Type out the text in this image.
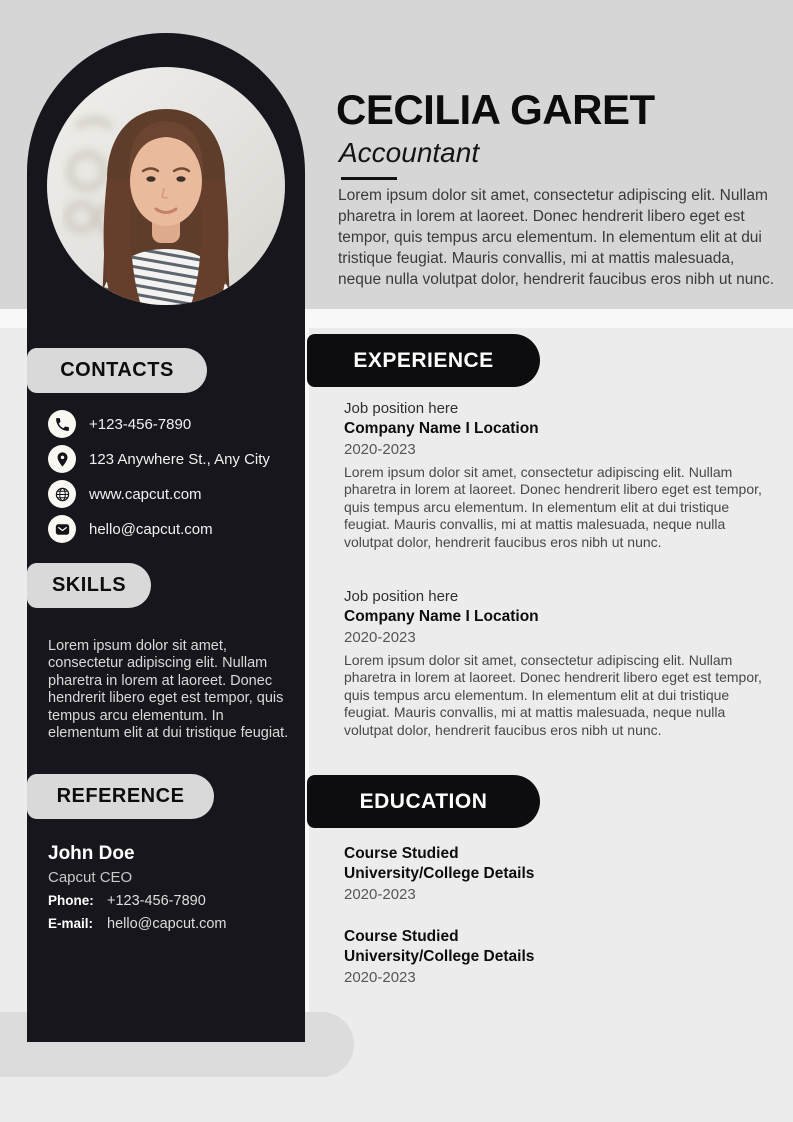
CECILIA GARET
Accountant

Lorem ipsum dolor sit amet, consectetur adipiscing elit. Nullam pharetra in lorem at laoreet. Donec hendrerit libero eget est tempor, quis tempus arcu elementum. In elementum elit at dui tristique feugiat. Mauris convallis, mi at mattis malesuada, neque nulla volutpat dolor, hendrerit faucibus eros nibh ut nunc.

CONTACTS
+123-456-7890
123 Anywhere St., Any City
www.capcut.com
hello@capcut.com
SKILLS

Lorem ipsum dolor sit amet, consectetur adipiscing elit. Nullam pharetra in lorem at laoreet. Donec hendrerit libero eget est tempor, quis tempus arcu elementum. In elementum elit at dui tristique feugiat.

REFERENCE
John Doe
Capcut CEO
Phone: +123-456-7890
E-mail: hello@capcut.com
EXPERIENCE
Job position here
Company Name I Location
2020-2023

Lorem ipsum dolor sit amet, consectetur adipiscing elit. Nullam pharetra in lorem at laoreet. Donec hendrerit libero eget est tempor, quis tempus arcu elementum. In elementum elit at dui tristique feugiat. Mauris convallis, mi at mattis malesuada, neque nulla volutpat dolor, hendrerit faucibus eros nibh ut nunc.

Job position here
Company Name I Location
2020-2023

Lorem ipsum dolor sit amet, consectetur adipiscing elit. Nullam pharetra in lorem at laoreet. Donec hendrerit libero eget est tempor, quis tempus arcu elementum. In elementum elit at dui tristique feugiat. Mauris convallis, mi at mattis malesuada, neque nulla volutpat dolor, hendrerit faucibus eros nibh ut nunc.

EDUCATION
Course Studied
University/College Details
2020-2023
Course Studied
University/College Details
2020-2023
